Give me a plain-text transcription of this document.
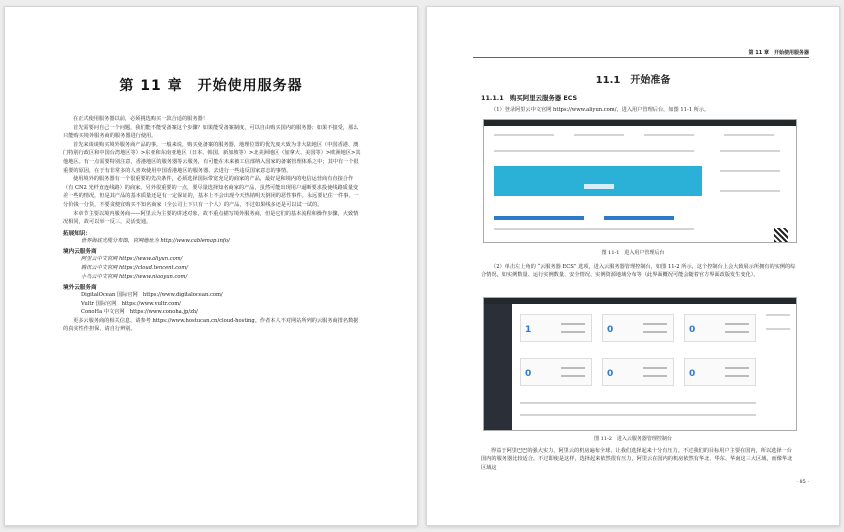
第 11 章　开始使用服务器

在正式使用服务器以前，必须挑选购买一款合适的服务器！

首先需要问自己一个问题，我们能不能受备案这个步骤？如果能受备案制度，可以自由购买国内的服务器；如果不接受，那么只能购买境外服务商的服务器进行使用。

首先来谈谈购买境外服务商产品的事。一般来说，购买免备案的服务器，地理位置的优先度大致为非大陆地区（中国香港、澳门特别行政区和中国台湾地区等）>东亚和东南亚地区（日本、韩国、新加坡等）>北美洲地区（加拿大、美国等）>欧洲地区>其他地区。有一点需要特别注意，香港地区的服务器等云服务，有可能在未来被工信部纳入国家的备案管理体系之中；其中有一个很重要的原因，在于有非常多的人喜欢使用中国香港地区的服务器，去进行一些违反国家意志的事情。

使用境外的服务器有一个很重要的先决条件，必须选择国际带宽充足的商家的产品，最好是和境内的电信运营商有直接合作（有 CN2 光纤直连线路）的商家。另外很重要的一点，要尽量选择知名商家的产品，虽然可能出现用户逼断要求投使线路质量变差一些的情况，但是其产品的基本质量还是有一定保证的，基本上不会出现今天热销明天倒闭的恶性事件。永远要记住一件事，一分价钱一分货，不要贪便宜购买不知名商家（全公司上下只有一个人）的产品，不过如果线多还是可以试一试的。

本章节主要以境内服务商——阿里云为主要的讲述对象，故不重点描写境外服务商，但是它们的基本流程和操作步骤，大致情况相同，故可以举一反三，灵活变通。

拓展知识：

世界海底光缆分布图，官网地址为 http://www.cablemap.info/

境内云服务商

阿里云中文官网 https://www.aliyun.com/

腾讯云中文官网 https://cloud.tencent.com/

小鸟云中文官网 https://www.niaoyun.com/

境外云服务商

DigitalOcean 国际官网　https://www.digitalocean.com/

Vultr 国际官网　https://www.vultr.com/

ConoHa 中文官网　https://www.conoha.jp/zh/

更多云服务商的相关信息，请参考 https://www.hostucan.cn/cloud-hosting。作者本人不对网站所列的云服务商排名数据的真实性作担保，请自行辨别。

第 11 章　开始使用服务器
11.1　开始准备
11.1.1　购买阿里云服务器 ECS
（1）登录阿里云中文官网 https://www.aliyun.com/，进入用户管理后台，如图 11-1 所示。
图 11-1　进入用户管理后台
（2）单击左上角的 “云服务器 ECS” 选项，进入云服务器管理控制台，如图 11-2 所示，这个控制台上会大致展示所拥有的实例的综合情况，如实例数量、运行实例数量、安全情况、实例资源地域分布等（此界面概况可能会随着官方界面改版发生变化）。
1	0	0
0	0	0
图 11-2　进入云服务器管理控制台
得益于阿里巴巴的强大实力，阿里云的机房遍布全球，让我们选择起来十分有压力。不过我们的目标用户主要在国内，所以选择一台国内的服务器比较适合。不过即使是这样，选择起来依然很有压力，阿里云在国内的机房依然有华北、华东、华南这三大区域，而像华北区域这
· 85 ·
